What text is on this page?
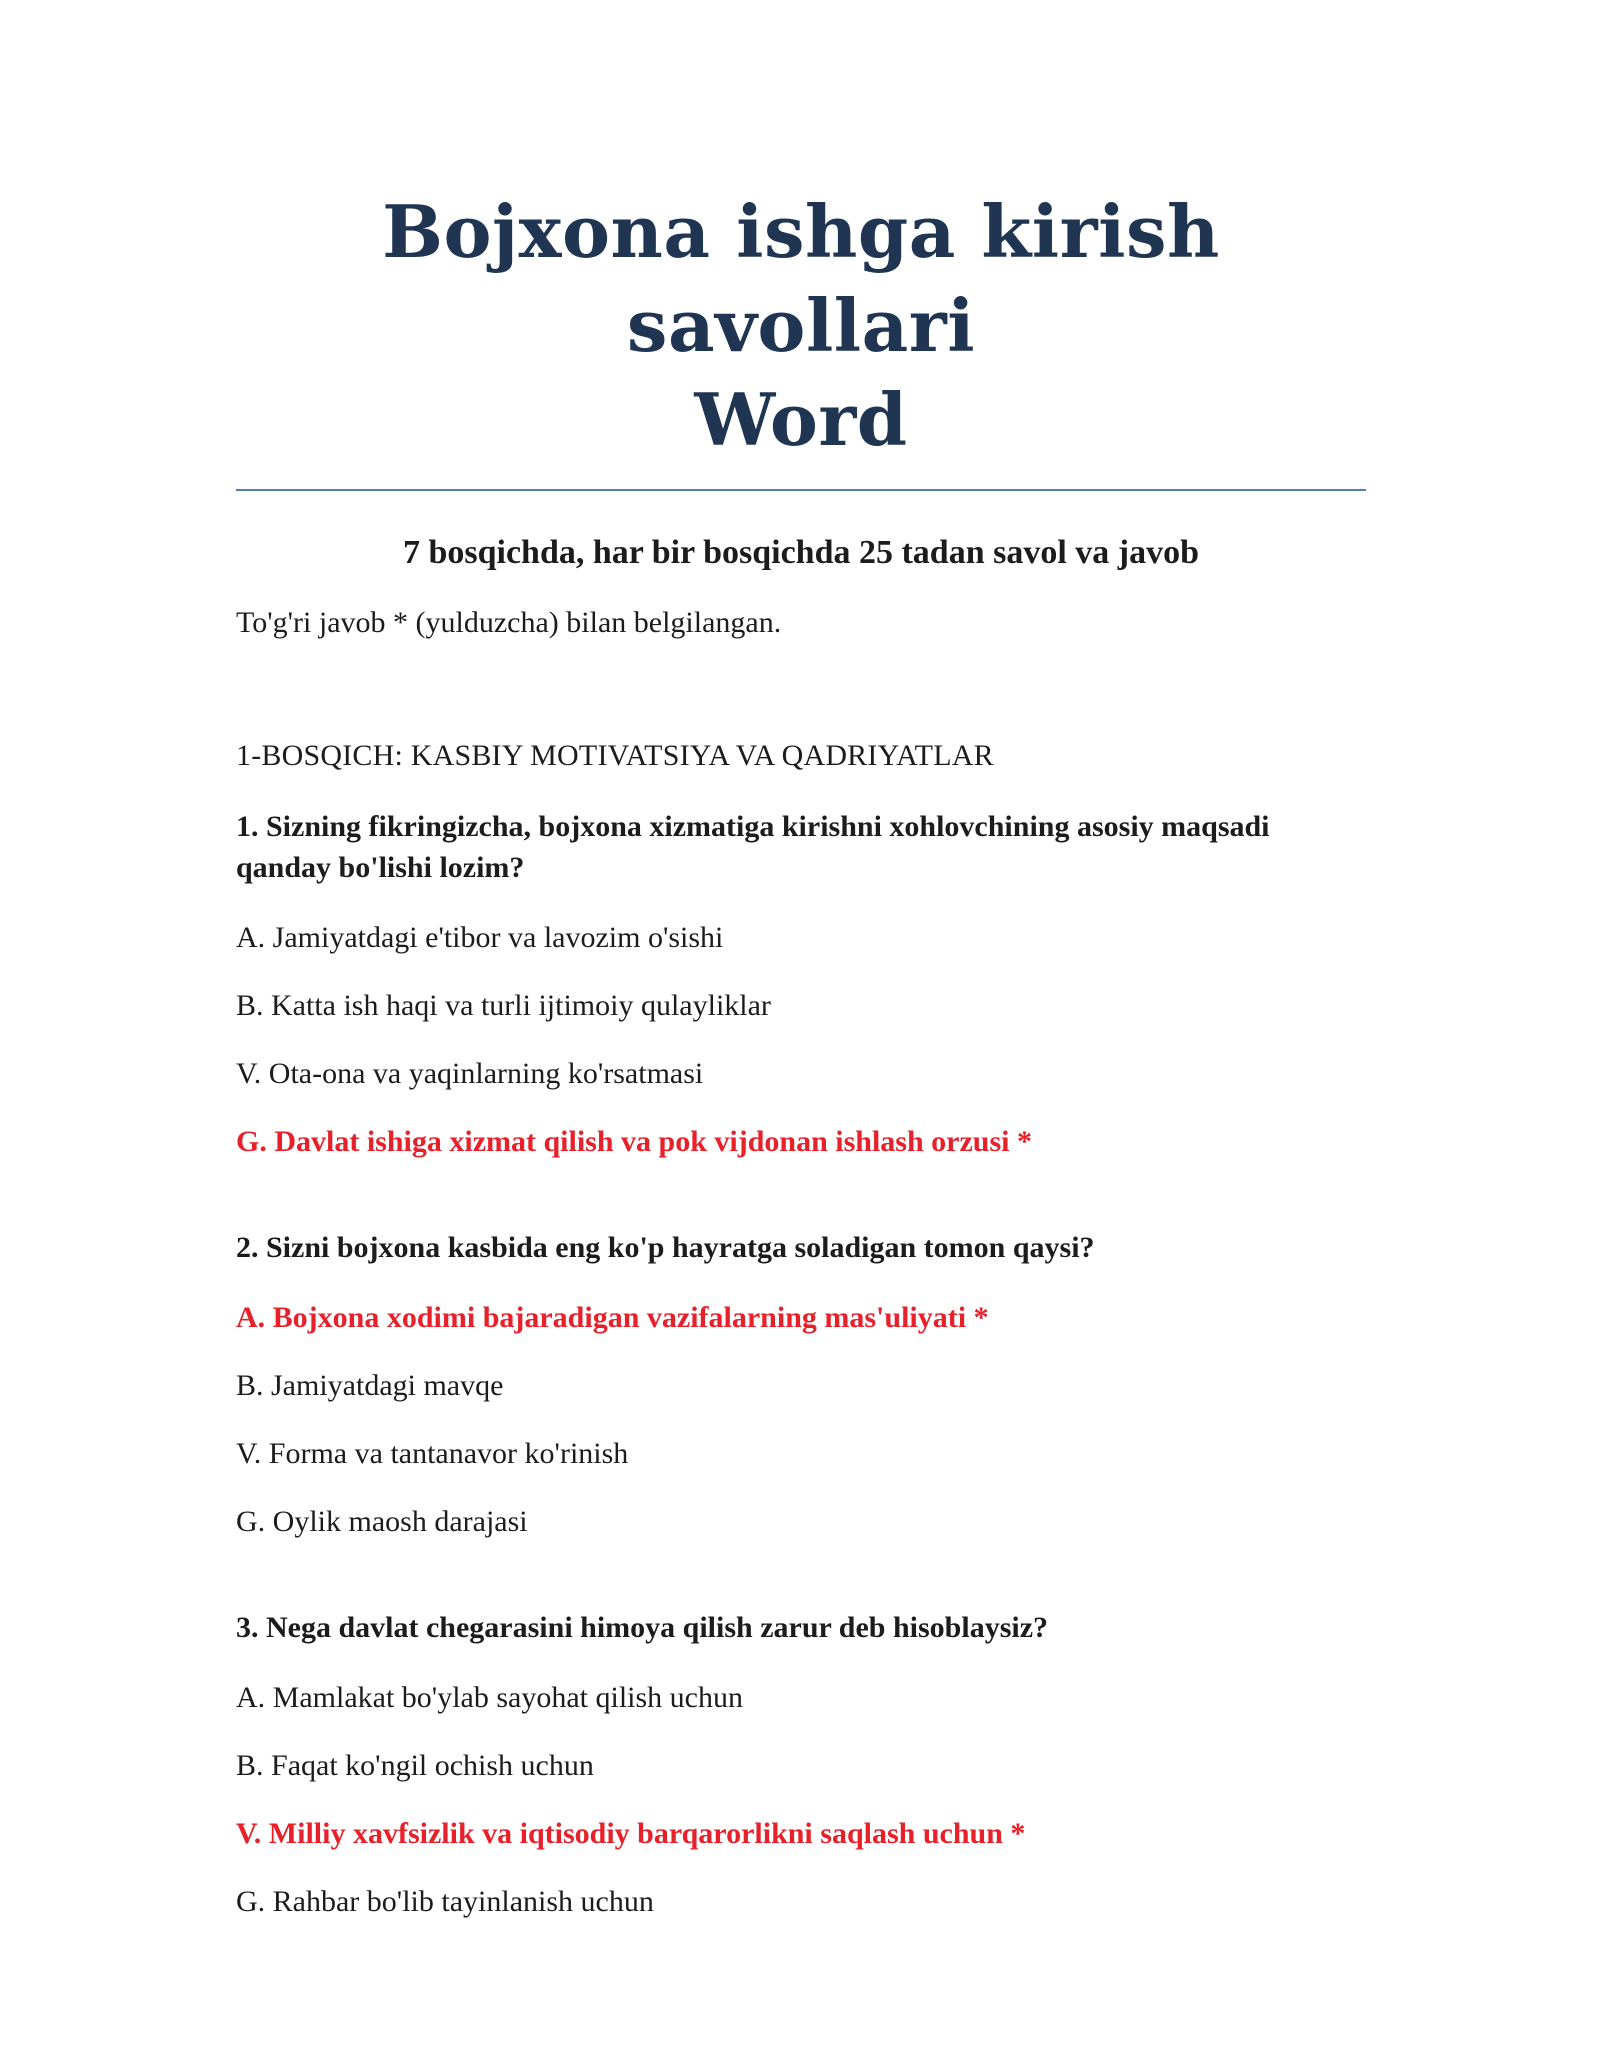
Bojxona ishga kirish savollari
Word

7 bosqichda, har bir bosqichda 25 tadan savol va javob

To'g'ri javob * (yulduzcha) bilan belgilangan.

1-BOSQICH: KASBIY MOTIVATSIYA VA QADRIYATLAR

1. Sizning fikringizcha, bojxona xizmatiga kirishni xohlovchining asosiy maqsadi qanday bo'lishi lozim?

A. Jamiyatdagi e'tibor va lavozim o'sishi

B. Katta ish haqi va turli ijtimoiy qulayliklar

V. Ota-ona va yaqinlarning ko'rsatmasi

G. Davlat ishiga xizmat qilish va pok vijdonan ishlash orzusi *

2. Sizni bojxona kasbida eng ko'p hayratga soladigan tomon qaysi?

A. Bojxona xodimi bajaradigan vazifalarning mas'uliyati *

B. Jamiyatdagi mavqe

V. Forma va tantanavor ko'rinish

G. Oylik maosh darajasi

3. Nega davlat chegarasini himoya qilish zarur deb hisoblaysiz?

A. Mamlakat bo'ylab sayohat qilish uchun

B. Faqat ko'ngil ochish uchun

V. Milliy xavfsizlik va iqtisodiy barqarorlikni saqlash uchun *

G. Rahbar bo'lib tayinlanish uchun
